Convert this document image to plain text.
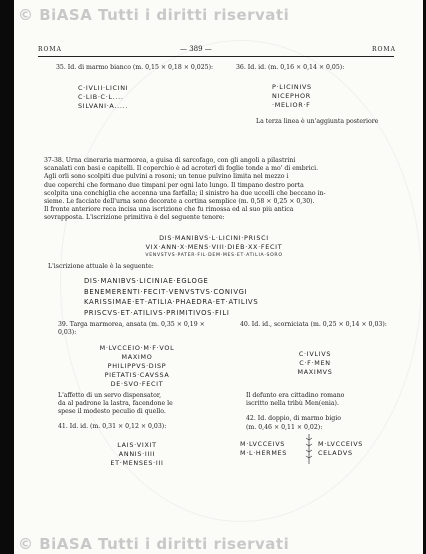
© BiASA Tutti i diritti riservati
© BiASA Tutti i diritti riservati
ROMA	— 389 —	ROMA
35. Id. di marmo bianco (m. 0,15 × 0,18 × 0,025):
C·IVLII·LICINI
C·LIB·C·L....
SILVANI·A.....
36. Id. id. (m. 0,16 × 0,14 × 0,05):
P·LICINIVS
NICEPHOR
·MELIOR·F
La terza linea è un'aggiunta posteriore
37-38. Urna cineraria marmorea, a guisa di sarcofago, con gli angoli a pilastrini
scanalati con basi e capitelli. Il coperchio è ad acroterî di foglie tonde a mo' di embrici.
Agli orli sono scolpiti due pulvini a rosoni; un tenue pulvino limita nel mezzo i
due coperchi che formano due timpani per ogni lato lungo. Il timpano destro porta
scolpita una conchiglia che accenna una farfalla; il sinistro ha due uccelli che beccano in-
sieme. Le facciate dell'urna sono decorate a cortina semplice (m. 0,58 × 0,25 × 0,30).
Il fronte anteriore reca incisa una iscrizione che fu rimossa ed al suo più antica
sovrapposta. L'iscrizione primitiva è del seguente tenore:
DIS·MANIBVS·L·LICINI·PRISCI
VIX·ANN·X·MENS·VIII·DIEB·XX·FECIT
VENVSTVS·PATER·FIL·DEM·MES·ET·ATILIA·SORO
L'iscrizione attuale è la seguente:
DIS·MANIBVS·LICINIAE·EGLOGE
BENEMERENTI·FECIT·VENVSTVS·CONIVGI
KARISSIMAE·ET·ATILIA·PHAEDRA·ET·ATILIVS
PRISCVS·ET·ATILIVS·PRIMITIVOS·FILI
39. Targa marmorea, ansata (m. 0,35 × 0,19 × 0,03):
M·LVCCEIO·M·F·VOL
MAXIMO
PHILIPPVS·DISP
PIETATIS·CAVSSA
DE·SVO·FECIT
L'affetto di un servo dispensator,
da al padrone la lastra, facendone le
spese il modesto peculio di quello.
40. Id. id., scorniciata (m. 0,25 × 0,14 × 0,03):
C·IVLIVS
C·F·MEN
MAXIMVS
Il defunto era cittadino romano
iscritto nella tribù Men(enia).
41. Id. id. (m. 0,31 × 0,12 × 0,03):
LAIS·VIXIT
ANNIS·IIII
ET·MENSES·III
42. Id. doppio, di marmo bigio
(m. 0,46 × 0,11 × 0,02):
M·LVCCEIVS
M·L·HERMES
M·LVCCEIVS
CELADVS
